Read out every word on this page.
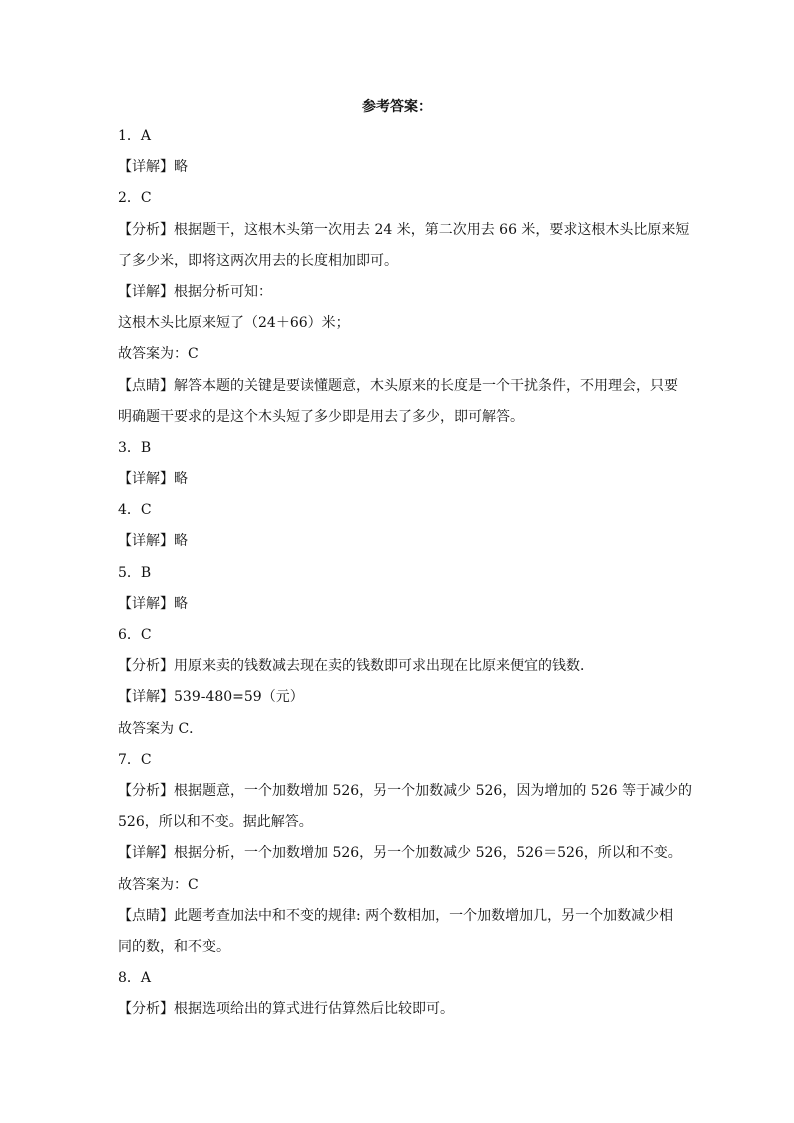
参考答案：
1．A
【详解】略
2．C
【分析】根据题干，这根木头第一次用去 24 米，第二次用去 66 米，要求这根木头比原来短
了多少米，即将这两次用去的长度相加即可。
【详解】根据分析可知：
这根木头比原来短了（24＋66）米；
故答案为：C
【点睛】解答本题的关键是要读懂题意，木头原来的长度是一个干扰条件，不用理会，只要
明确题干要求的是这个木头短了多少即是用去了多少，即可解答。
3．B
【详解】略
4．C
【详解】略
5．B
【详解】略
6．C
【分析】用原来卖的钱数减去现在卖的钱数即可求出现在比原来便宜的钱数．
【详解】539-480=59（元）
故答案为 C．
7．C
【分析】根据题意，一个加数增加 526，另一个加数减少 526，因为增加的 526 等于减少的
526，所以和不变。据此解答。
【详解】根据分析，一个加数增加 526，另一个加数减少 526，526＝526，所以和不变。
故答案为：C
【点睛】此题考查加法中和不变的规律: 两个数相加，一个加数增加几，另一个加数减少相
同的数，和不变。
8．A
【分析】根据选项给出的算式进行估算然后比较即可。
